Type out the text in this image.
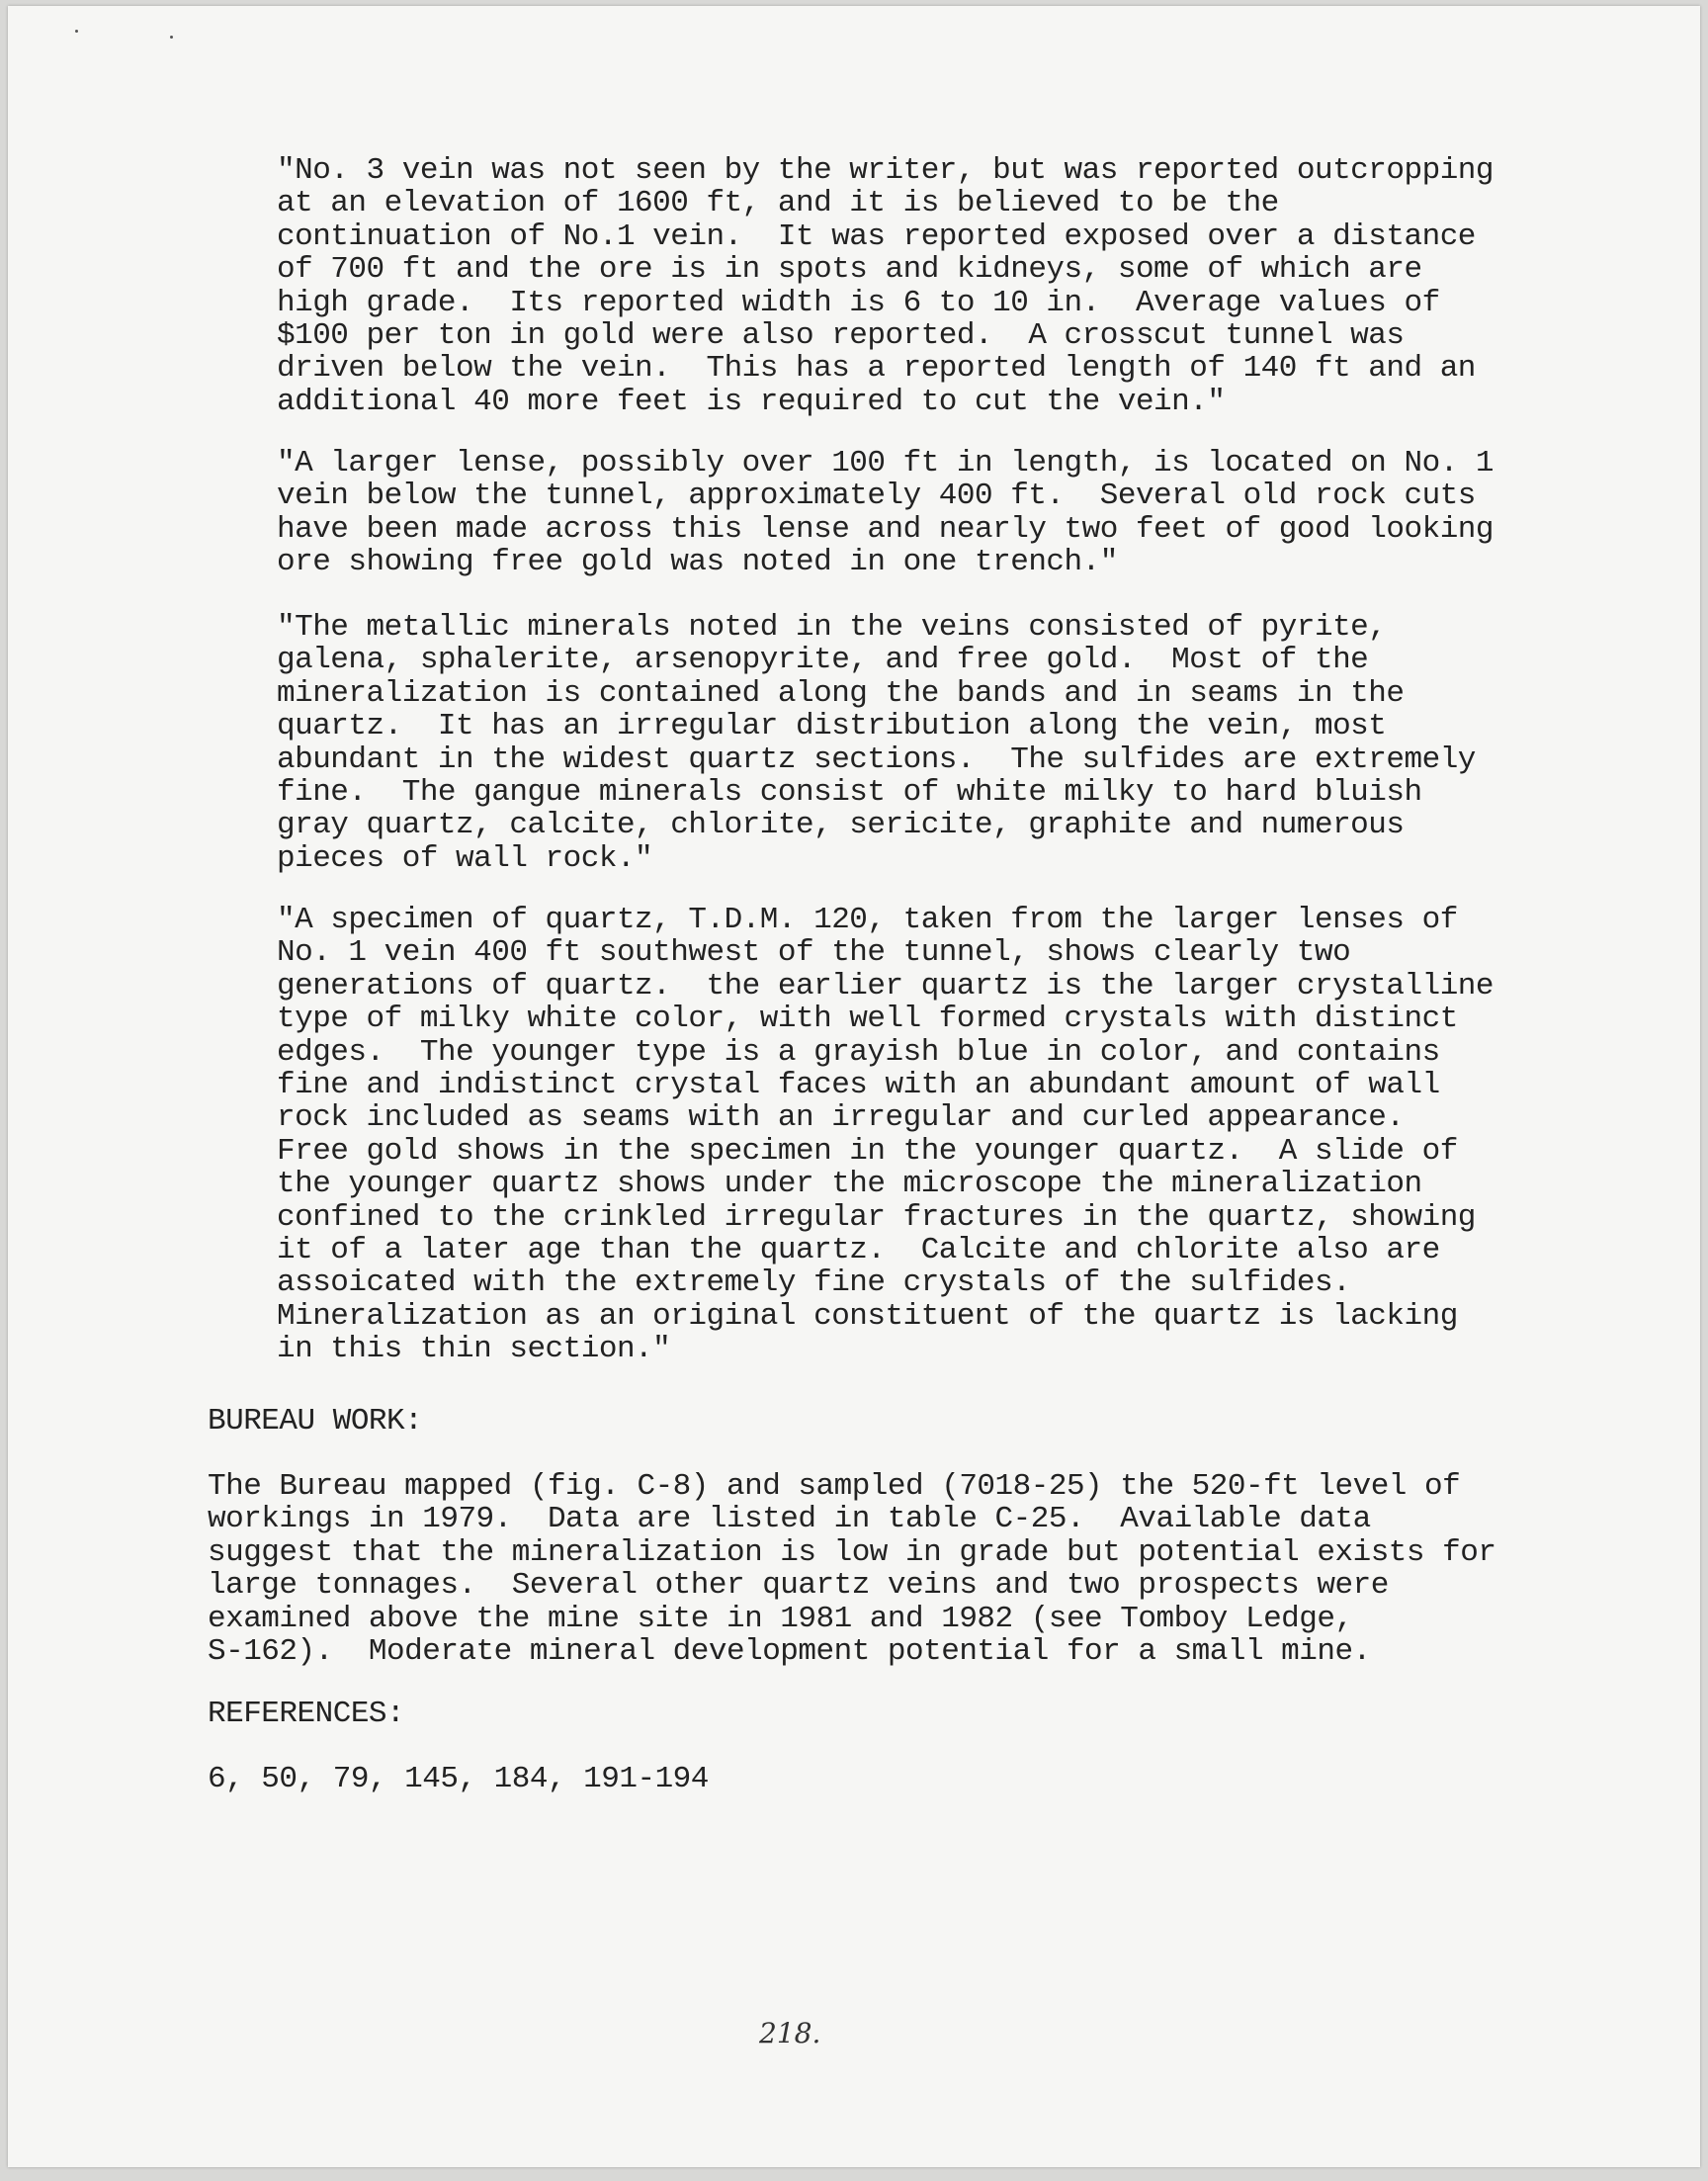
"No. 3 vein was not seen by the writer, but was reported outcropping
at an elevation of 1600 ft, and it is believed to be the
continuation of No.1 vein.  It was reported exposed over a distance
of 700 ft and the ore is in spots and kidneys, some of which are
high grade.  Its reported width is 6 to 10 in.  Average values of
$100 per ton in gold were also reported.  A crosscut tunnel was
driven below the vein.  This has a reported length of 140 ft and an
additional 40 more feet is required to cut the vein."
"A larger lense, possibly over 100 ft in length, is located on No. 1
vein below the tunnel, approximately 400 ft.  Several old rock cuts
have been made across this lense and nearly two feet of good looking
ore showing free gold was noted in one trench."
"The metallic minerals noted in the veins consisted of pyrite,
galena, sphalerite, arsenopyrite, and free gold.  Most of the
mineralization is contained along the bands and in seams in the
quartz.  It has an irregular distribution along the vein, most
abundant in the widest quartz sections.  The sulfides are extremely
fine.  The gangue minerals consist of white milky to hard bluish
gray quartz, calcite, chlorite, sericite, graphite and numerous
pieces of wall rock."
"A specimen of quartz, T.D.M. 120, taken from the larger lenses of
No. 1 vein 400 ft southwest of the tunnel, shows clearly two
generations of quartz.  the earlier quartz is the larger crystalline
type of milky white color, with well formed crystals with distinct
edges.  The younger type is a grayish blue in color, and contains
fine and indistinct crystal faces with an abundant amount of wall
rock included as seams with an irregular and curled appearance.
Free gold shows in the specimen in the younger quartz.  A slide of
the younger quartz shows under the microscope the mineralization
confined to the crinkled irregular fractures in the quartz, showing
it of a later age than the quartz.  Calcite and chlorite also are
assoicated with the extremely fine crystals of the sulfides.
Mineralization as an original constituent of the quartz is lacking
in this thin section."
BUREAU WORK:
The Bureau mapped (fig. C-8) and sampled (7018-25) the 520-ft level of
workings in 1979.  Data are listed in table C-25.  Available data
suggest that the mineralization is low in grade but potential exists for
large tonnages.  Several other quartz veins and two prospects were
examined above the mine site in 1981 and 1982 (see Tomboy Ledge,
S-162).  Moderate mineral development potential for a small mine.
REFERENCES:
6, 50, 79, 145, 184, 191-194
218.
